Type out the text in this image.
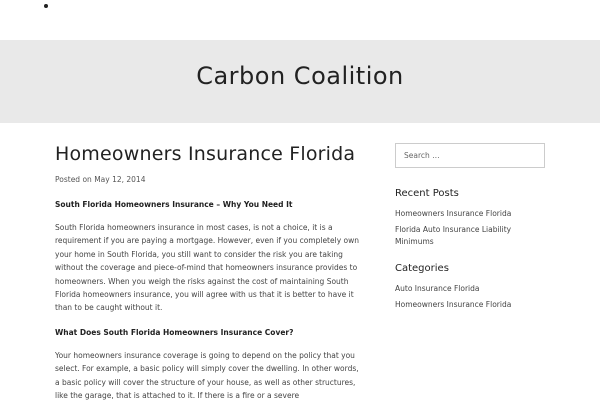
Carbon Coalition
Homeowners Insurance Florida
Posted on May 12, 2014

South Florida Homeowners Insurance – Why You Need It

South Florida homeowners insurance in most cases, is not a choice, it is a requirement if you are paying a mortgage. However, even if you completely own your home in South Florida, you still want to consider the risk you are taking without the coverage and piece-of-mind that homeowners insurance provides to homeowners. When you weigh the risks against the cost of maintaining South Florida homeowners insurance, you will agree with us that it is better to have it than to be caught without it.

What Does South Florida Homeowners Insurance Cover?

Your homeowners insurance coverage is going to depend on the policy that you select. For example, a basic policy will simply cover the dwelling. In other words, a basic policy will cover the structure of your house, as well as other structures, like the garage, that is attached to it. If there is a fire or a severe

Search …
Recent Posts
Homeowners Insurance Florida
Florida Auto Insurance Liability Minimums
Categories
Auto Insurance Florida
Homeowners Insurance Florida
